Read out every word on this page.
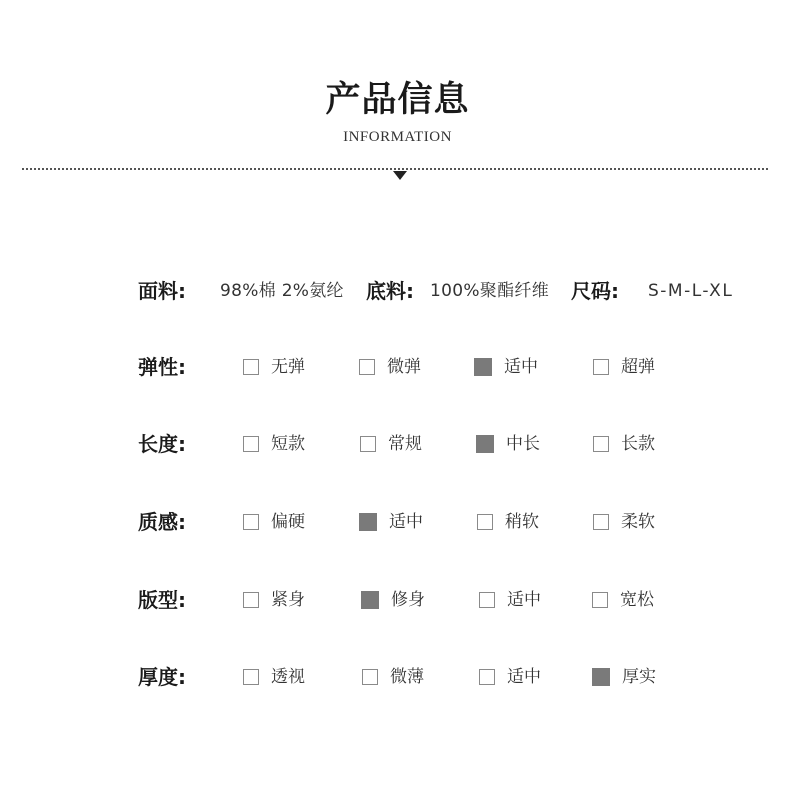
产品信息
INFORMATION
面料: 98%棉 2%氨纶 底料: 100%聚酯纤维 尺码: S-M-L-XL
弹性:	无弹	微弹	适中	超弹
长度:	短款	常规	中长	长款
质感:	偏硬	适中	稍软	柔软
版型:	紧身	修身	适中	宽松
厚度:	透视	微薄	适中	厚实
